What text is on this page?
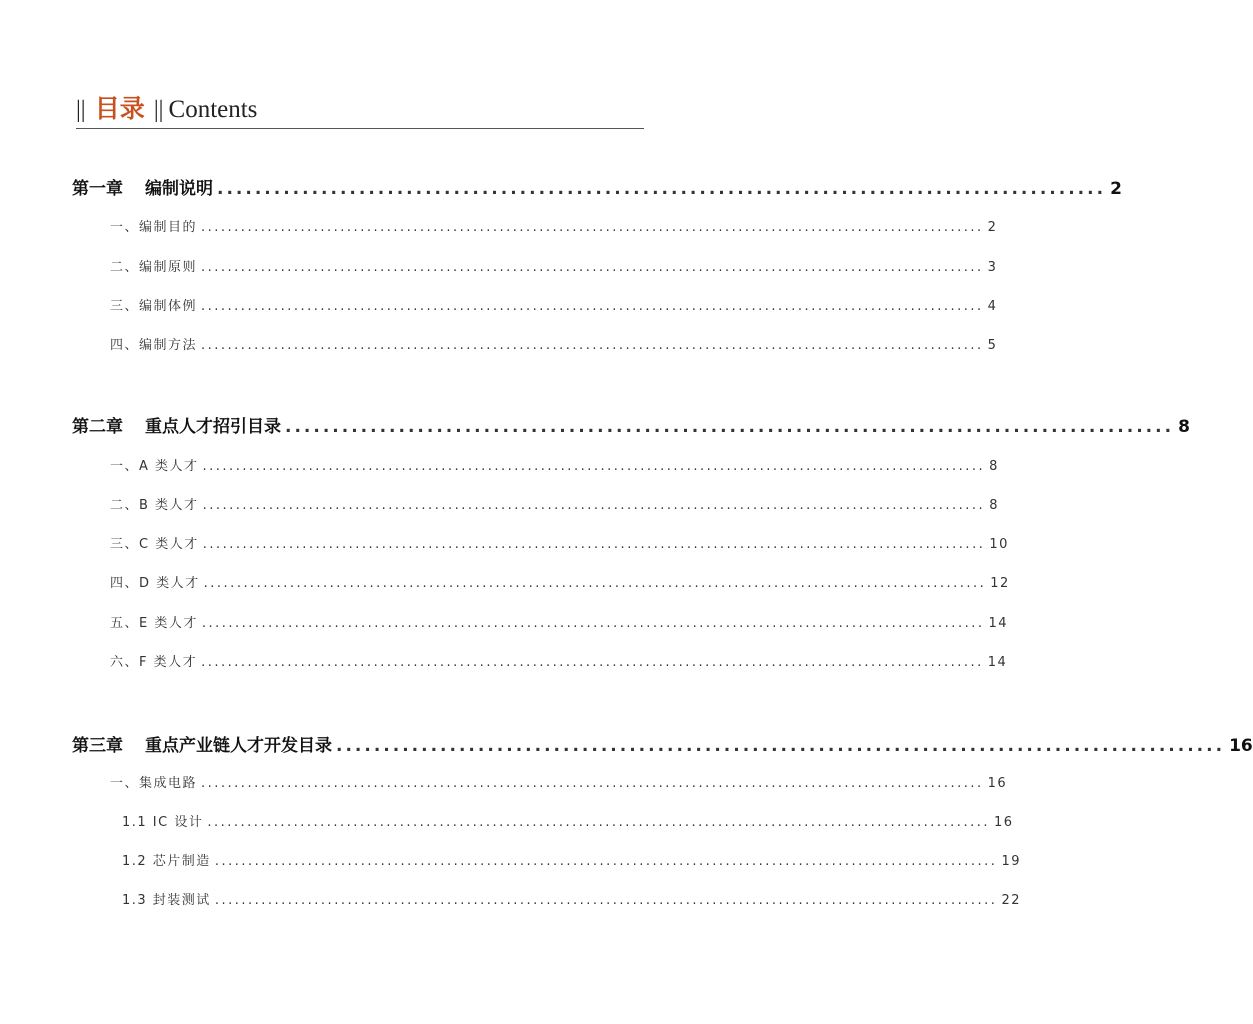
|| 目录 || Contents
第一章 编制说明 .............................................................................................. 2
一、编制目的 ...................................................................................................................... 2
二、编制原则 ...................................................................................................................... 3
三、编制体例 ...................................................................................................................... 4
四、编制方法 ...................................................................................................................... 5
第二章 重点人才招引目录 .............................................................................................. 8
一、A 类人才 ...................................................................................................................... 8
二、B 类人才 ...................................................................................................................... 8
三、C 类人才 ...................................................................................................................... 10
四、D 类人才 ...................................................................................................................... 12
五、E 类人才 ...................................................................................................................... 14
六、F 类人才 ...................................................................................................................... 14
第三章 重点产业链人才开发目录 .............................................................................................. 16
一、集成电路 ...................................................................................................................... 16
1.1 IC 设计 ...................................................................................................................... 16
1.2 芯片制造 ...................................................................................................................... 19
1.3 封装测试 ...................................................................................................................... 22
